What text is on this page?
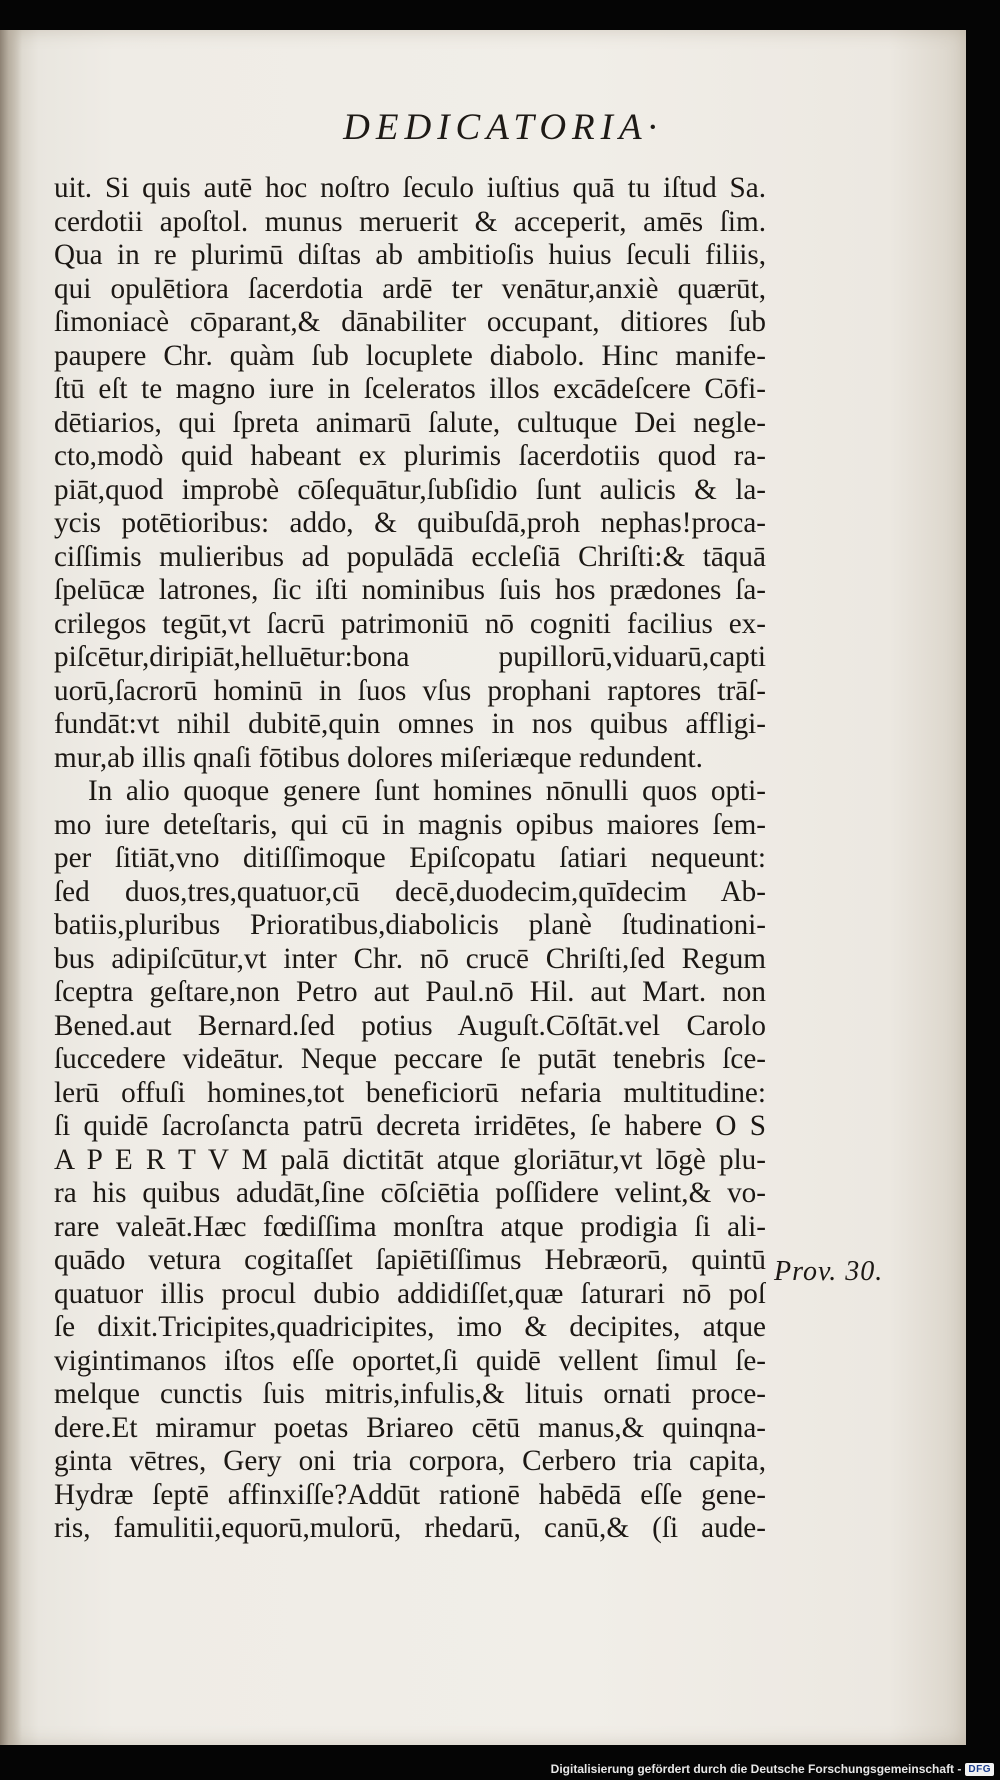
DEDICATORIA·
uit. Si quis autē hoc noſtro ſeculo iuſtius quā tu iſtud Sa.
cerdotii apoſtol. munus meruerit & acceperit, amēs ſim.
Qua in re plurimū diſtas ab ambitioſis huius ſeculi filiis,
qui opulētiora ſacerdotia ardē ter venātur,anxiè quærūt,
ſimoniacè cōparant,& dānabiliter occupant, ditiores ſub
paupere Chr. quàm ſub locuplete diabolo. Hinc manife-
ſtū eſt te magno iure in ſceleratos illos excādeſcere Cōfi-
dētiarios, qui ſpreta animarū ſalute, cultuque Dei negle-
cto,modò quid habeant ex plurimis ſacerdotiis quod ra-
piāt,quod improbè cōſequātur,ſubſidio ſunt aulicis & la-
ycis potētioribus: addo, & quibuſdā,proh nephas!proca-
ciſſimis mulieribus ad populādā eccleſiā Chriſti:& tāquā
ſpelūcæ latrones, ſic iſti nominibus ſuis hos prædones ſa-
crilegos tegūt,vt ſacrū patrimoniū nō cogniti facilius ex-
piſcētur,diripiāt,helluētur:bona pupillorū,viduarū,capti
uorū,ſacrorū hominū in ſuos vſus prophani raptores trāſ-
fundāt:vt nihil dubitē,quin omnes in nos quibus affligi-
mur,ab illis qnaſi fōtibus dolores miſeriæque redundent.
In alio quoque genere ſunt homines nōnulli quos opti-
mo iure deteſtaris, qui cū in magnis opibus maiores ſem-
per ſitiāt,vno ditiſſimoque Epiſcopatu ſatiari nequeunt:
ſed duos,tres,quatuor,cū decē,duodecim,quīdecim Ab-
batiis,pluribus Prioratibus,diabolicis planè ſtudinationi-
bus adipiſcūtur,vt inter Chr. nō crucē Chriſti,ſed Regum
ſceptra geſtare,non Petro aut Paul.nō Hil. aut Mart. non
Bened.aut Bernard.ſed potius Auguſt.Cōſtāt.vel Carolo
ſuccedere videātur. Neque peccare ſe putāt tenebris ſce-
lerū offuſi homines,tot beneficiorū nefaria multitudine:
ſi quidē ſacroſancta patrū decreta irridētes, ſe habere O S
A P E R T V M palā dictitāt atque gloriātur,vt lōgè plu-
ra his quibus adudāt,ſine cōſciētia poſſidere velint,& vo-
rare valeāt.Hæc fœdiſſima monſtra atque prodigia ſi ali-
quādo vetura cogitaſſet ſapiētiſſimus Hebræorū, quintū
quatuor illis procul dubio addidiſſet,quæ ſaturari nō poſ
ſe dixit.Tricipites,quadricipites, imo & decipites, atque
vigintimanos iſtos eſſe oportet,ſi quidē vellent ſimul ſe-
melque cunctis ſuis mitris,infulis,& lituis ornati proce-
dere.Et miramur poetas Briareo cētū manus,& quinqna-
ginta vētres, Gery oni tria corpora, Cerbero tria capita,
Hydræ ſeptē affinxiſſe?Addūt rationē habēdā eſſe gene-
ris, famulitii,equorū,mulorū, rhedarū, canū,& (ſi aude-
Prov. 30.
Digitalisierung gefördert durch die Deutsche Forschungsgemeinschaft - DFG
